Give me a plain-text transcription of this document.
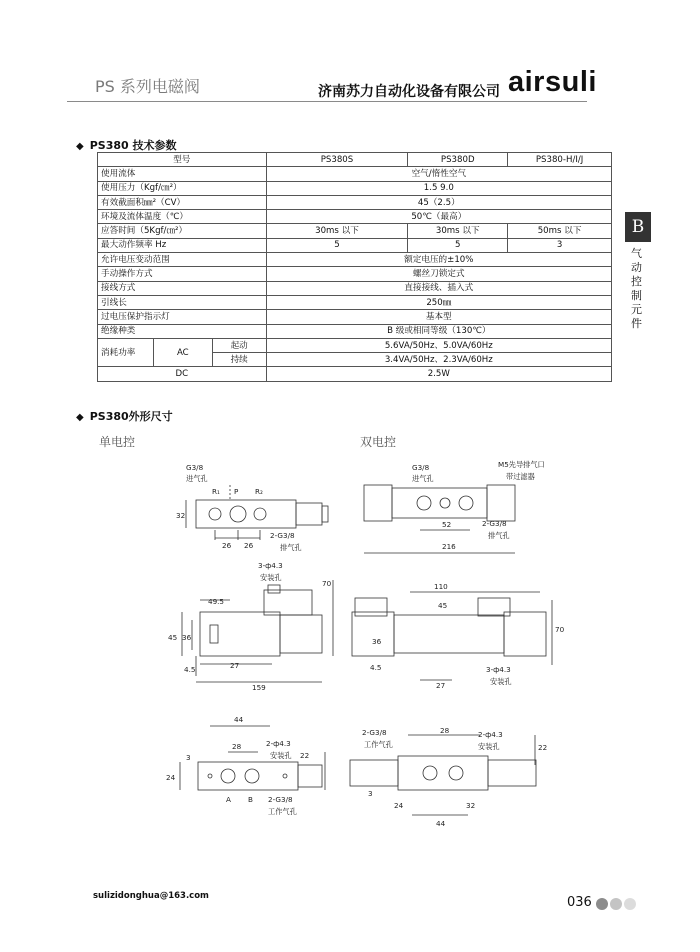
PS 系列电磁阀	济南苏力自动化设备有限公司 airsuli
◆ PS380 技术参数
型号			PS380S	PS380D	PS380-H/I/J
使用流体			空气/惰性空气		
使用压力（Kgf/㎝²）			1.5 9.0		
有效截面积㎜²（CV）			45（2.5）		
环境及流体温度（℃）			50℃（最高）		
应答时间（5Kgf/㎝²）			30ms 以下	30ms 以下	50ms 以下
最大动作频率 Hz			5	5	3
允许电压变动范围			额定电压的±10%		
手动操作方式			螺丝刀锁定式		
接线方式			直接接线、插入式		
引线长			250㎜		
过电压保护指示灯			基本型		
绝缘种类			B 级或相同等级（130℃）		
消耗功率	AC	起动	5.6VA/50Hz、5.0VA/60Hz		
		持续	3.4VA/50Hz、2.3VA/60Hz		
DC			2.5W		
B
气
动
控
制
元
件
◆ PS380外形尺寸
单电控	双电控
G3/8
进气孔
R₁ P R₂
32
26 26
2-G3/8
排气孔
3-ф4.3
安装孔
70
49.5
45 36
27
4.5
159
44
28	2-ф4.3
安装孔 22
3
24
A B 2-G3/8
工作气孔
G3/8
进气孔
M5先导排气口
带过滤器
52	2-G3/8
排气孔
216
110
45
70
36
4.5	3-ф4.3
安装孔
27
2-G3/8
工作气孔
28	2-ф4.3
安装孔	22
3
24	32
44
sulizidonghua@163.com	036
